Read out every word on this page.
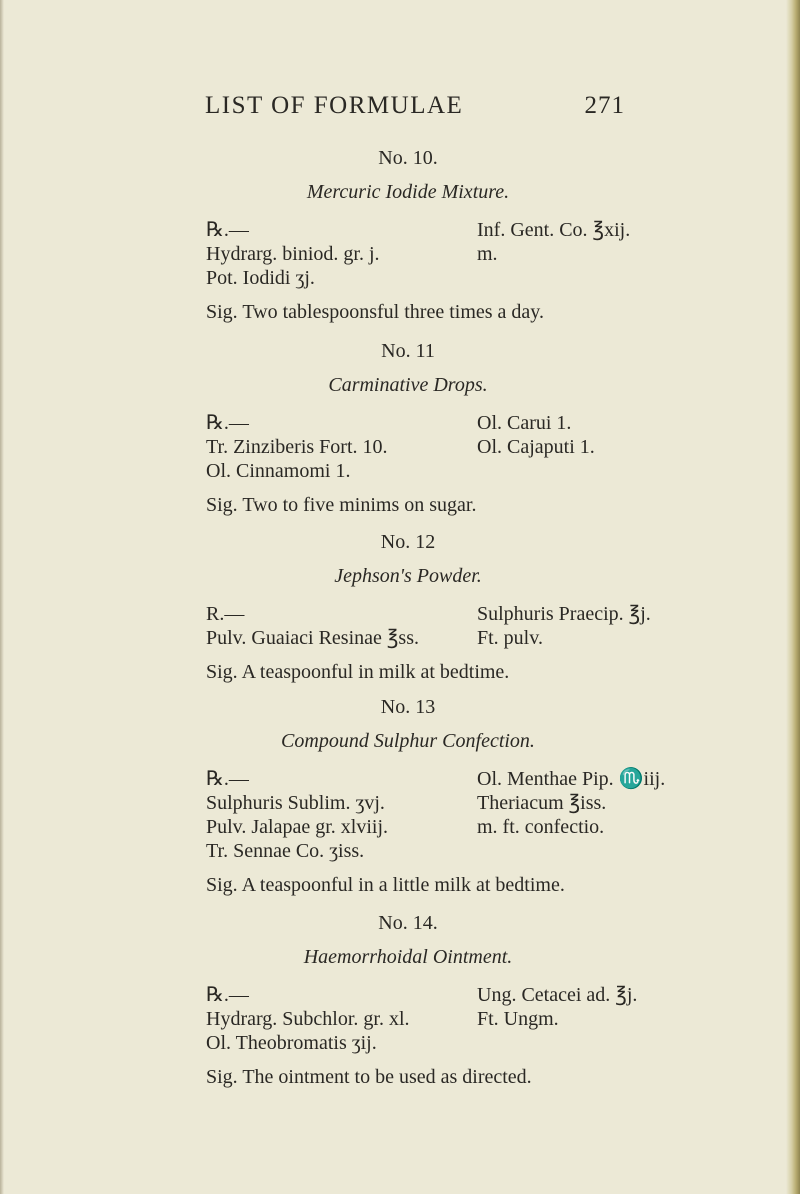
LIST OF FORMULAE	271
No. 10.
Mercuric Iodide Mixture.
℞.—
Hydrarg. biniod. gr. j.
Pot. Iodidi ʒj.
Inf. Gent. Co. ℥xij.
m.
Sig. Two tablespoonsful three times a day.
No. 11
Carminative Drops.
℞.—
Tr. Zinziberis Fort. 10.
Ol. Cinnamomi 1.
Ol. Carui 1.
Ol. Cajaputi 1.
Sig. Two to five minims on sugar.
No. 12
Jephson's Powder.
R.—
Pulv. Guaiaci Resinae ℥ss.
Sulphuris Praecip. ℥j.
Ft. pulv.
Sig. A teaspoonful in milk at bedtime.
No. 13
Compound Sulphur Confection.
℞.—
Sulphuris Sublim. ʒvj.
Pulv. Jalapae gr. xlviij.
Tr. Sennae Co. ʒiss.
Ol. Menthae Pip. ♏iij.
Theriacum ℥iss.
m. ft. confectio.
Sig. A teaspoonful in a little milk at bedtime.
No. 14.
Haemorrhoidal Ointment.
℞.—
Hydrarg. Subchlor. gr. xl.
Ol. Theobromatis ʒij.
Ung. Cetacei ad. ℥j.
Ft. Ungm.
Sig. The ointment to be used as directed.
